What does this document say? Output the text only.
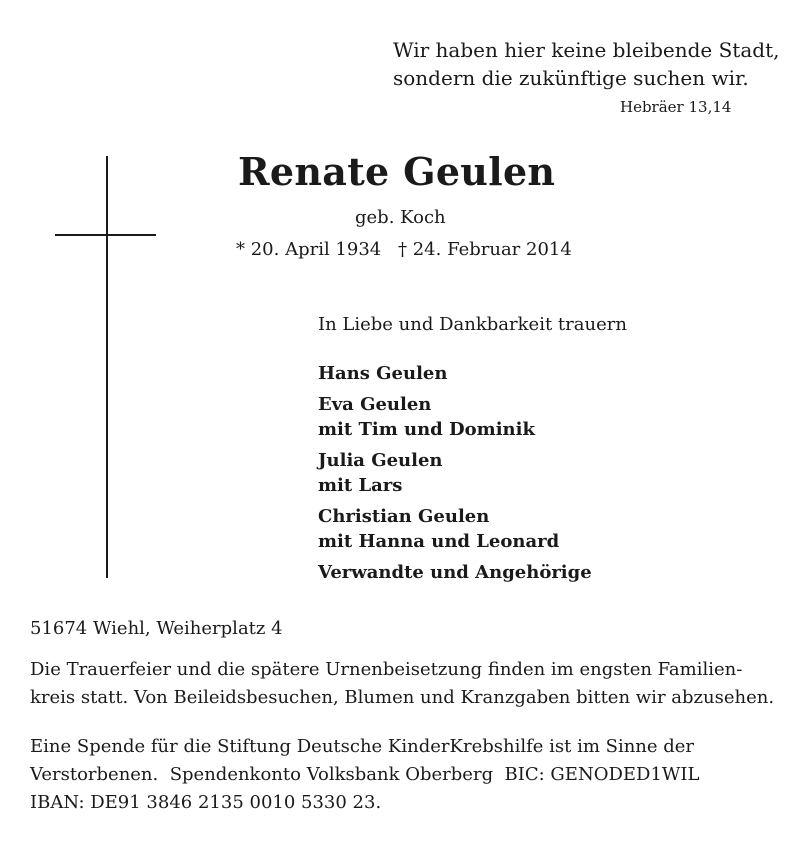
Wir haben hier keine bleibende Stadt,
sondern die zukünftige suchen wir.
Hebräer 13,14
Renate Geulen
geb. Koch
* 20. April 1934 † 24. Februar 2014
In Liebe und Dankbarkeit trauern
Hans Geulen
Eva Geulen
mit Tim und Dominik
Julia Geulen
mit Lars
Christian Geulen
mit Hanna und Leonard
Verwandte und Angehörige
51674 Wiehl, Weiherplatz 4
Die Trauerfeier und die spätere Urnenbeisetzung finden im engsten Familien-
kreis statt. Von Beileidsbesuchen, Blumen und Kranzgaben bitten wir abzusehen.
Eine Spende für die Stiftung Deutsche KinderKrebshilfe ist im Sinne der
Verstorbenen.  Spendenkonto Volksbank Oberberg  BIC: GENODED1WIL
IBAN: DE91 3846 2135 0010 5330 23.
